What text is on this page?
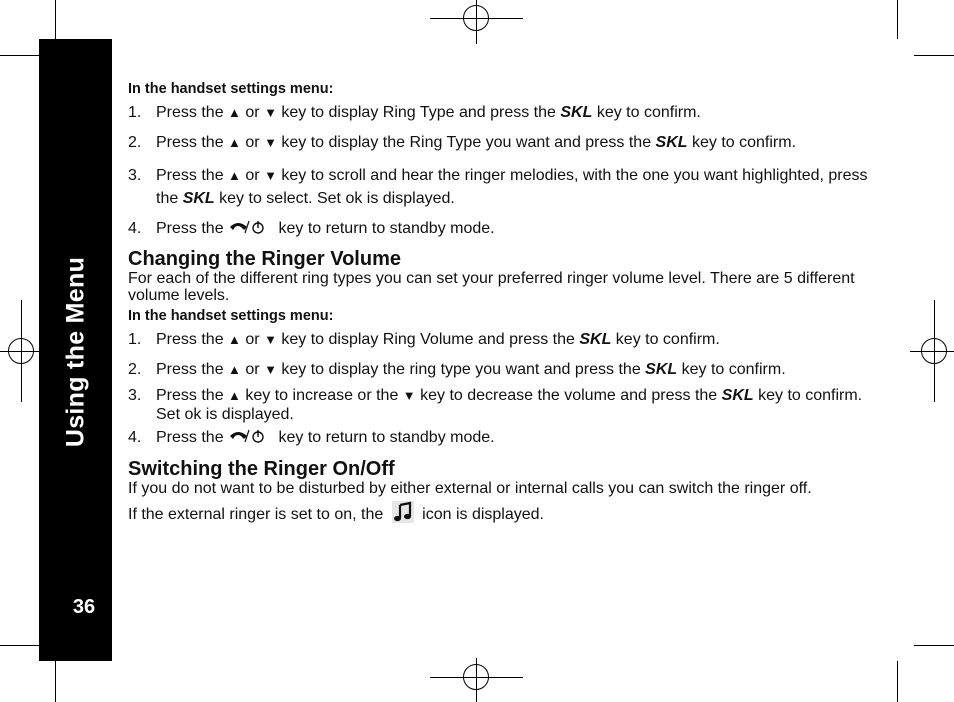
Using the Menu
36

In the handset settings menu:

1. Press the ▲ or ▼ key to display Ring Type and press the SKL key to confirm.
2. Press the ▲ or ▼ key to display the Ring Type you want and press the SKL key to confirm.
3. Press the ▲ or ▼ key to scroll and hear the ringer melodies, with the one you want highlighted, press the SKL key to select. Set ok is displayed.
4. Press the	key to return to standby mode.
Changing the Ringer Volume

For each of the different ring types you can set your preferred ringer volume level. There are 5 different volume levels.

In the handset settings menu:

1. Press the ▲ or ▼ key to display Ring Volume and press the SKL key to confirm.
2. Press the ▲ or ▼ key to display the ring type you want and press the SKL key to confirm.
3. Press the ▲ key to increase or the ▼ key to decrease the volume and press the SKL key to confirm. Set ok is displayed.
4. Press the	key to return to standby mode.
Switching the Ringer On/Off

If you do not want to be disturbed by either external or internal calls you can switch the ringer off.

If the external ringer is set to on, the icon is displayed.
